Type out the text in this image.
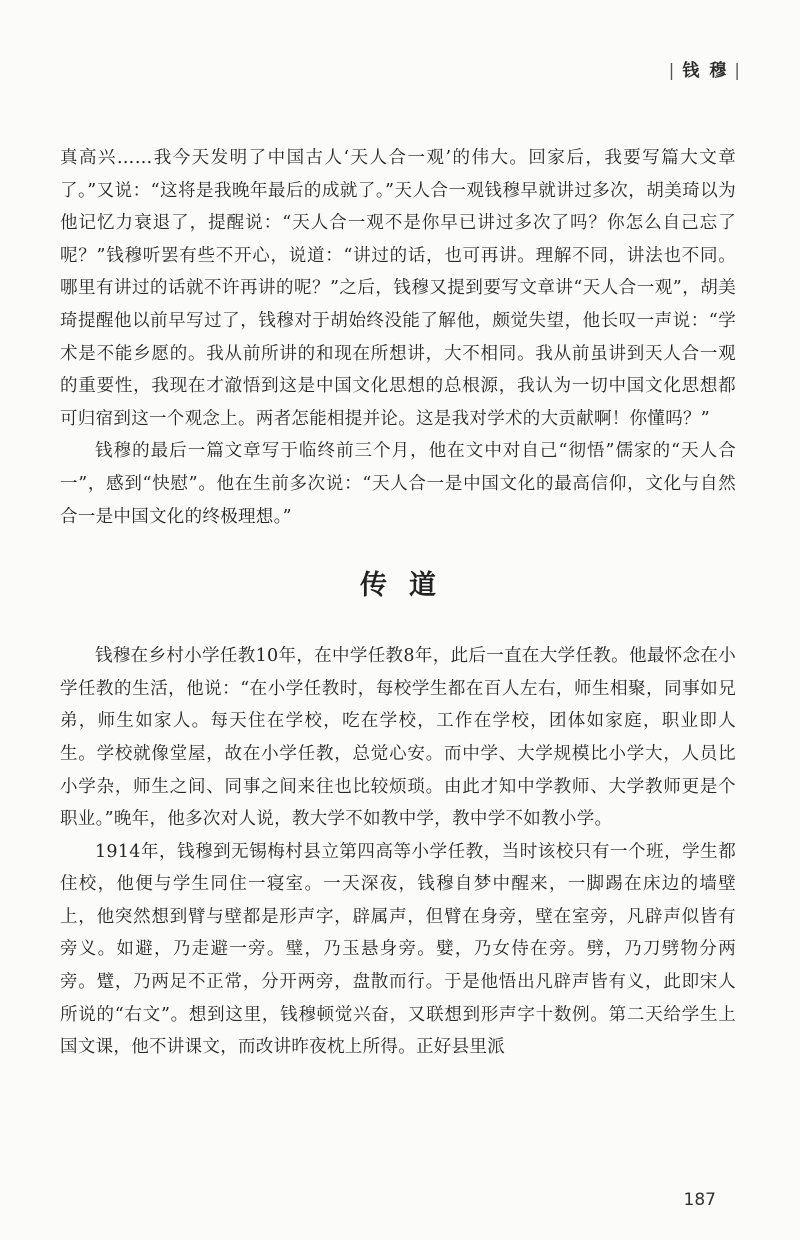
| 钱 穆 |

真高兴……我今天发明了中国古人‘天人合一观’的伟大。回家后，我要写篇大文章了。”又说：“这将是我晚年最后的成就了。”天人合一观钱穆早就讲过多次，胡美琦以为他记忆力衰退了，提醒说：“天人合一观不是你早已讲过多次了吗？你怎么自己忘了呢？”钱穆听罢有些不开心，说道：“讲过的话，也可再讲。理解不同，讲法也不同。哪里有讲过的话就不许再讲的呢？”之后，钱穆又提到要写文章讲“天人合一观”，胡美琦提醒他以前早写过了，钱穆对于胡始终没能了解他，颇觉失望，他长叹一声说：“学术是不能乡愿的。我从前所讲的和现在所想讲，大不相同。我从前虽讲到天人合一观的重要性，我现在才澈悟到这是中国文化思想的总根源，我认为一切中国文化思想都可归宿到这一个观念上。两者怎能相提并论。这是我对学术的大贡献啊！你懂吗？”

钱穆的最后一篇文章写于临终前三个月，他在文中对自己“彻悟”儒家的“天人合一”，感到“快慰”。他在生前多次说：“天人合一是中国文化的最高信仰，文化与自然合一是中国文化的终极理想。”

传道

钱穆在乡村小学任教10年，在中学任教8年，此后一直在大学任教。他最怀念在小学任教的生活，他说：“在小学任教时，每校学生都在百人左右，师生相聚，同事如兄弟，师生如家人。每天住在学校，吃在学校，工作在学校，团体如家庭，职业即人生。学校就像堂屋，故在小学任教，总觉心安。而中学、大学规模比小学大，人员比小学杂，师生之间、同事之间来往也比较烦琐。由此才知中学教师、大学教师更是个职业。”晚年，他多次对人说，教大学不如教中学，教中学不如教小学。

1914年，钱穆到无锡梅村县立第四高等小学任教，当时该校只有一个班，学生都住校，他便与学生同住一寝室。一天深夜，钱穆自梦中醒来，一脚踢在床边的墙壁上，他突然想到臂与壁都是形声字，辟属声，但臂在身旁，壁在室旁，凡辟声似皆有旁义。如避，乃走避一旁。璧，乃玉悬身旁。嬖，乃女侍在旁。劈，乃刀劈物分两旁。躄，乃两足不正常，分开两旁，盘散而行。于是他悟出凡辟声皆有义，此即宋人所说的“右文”。想到这里，钱穆顿觉兴奋，又联想到形声字十数例。第二天给学生上国文课，他不讲课文，而改讲昨夜枕上所得。正好县里派

187
